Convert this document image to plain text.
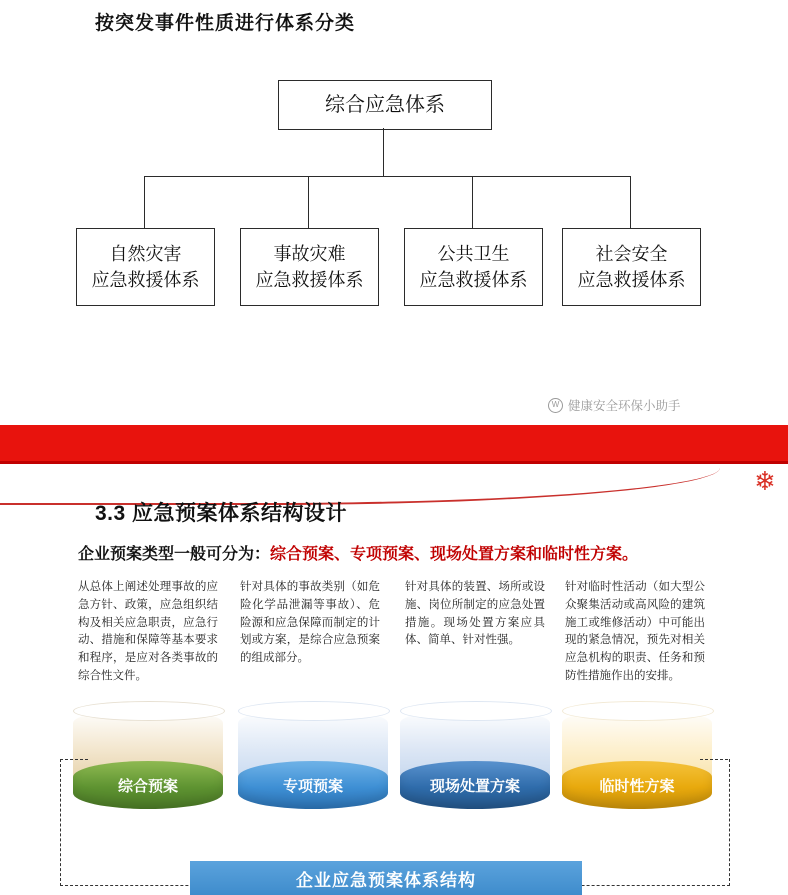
按突发事件性质进行体系分类
综合应急体系
自然灾害
应急救援体系
事故灾难
应急救援体系
公共卫生
应急救援体系
社会安全
应急救援体系
W 健康安全环保小助手
❄
3.3 应急预案体系结构设计
企业预案类型一般可分为：综合预案、专项预案、现场处置方案和临时性方案。
从总体上阐述处理事故的应急方针、政策，应急组织结构及相关应急职责，应急行动、措施和保障等基本要求和程序，是应对各类事故的综合性文件。
针对具体的事故类别（如危险化学品泄漏等事故）、危险源和应急保障而制定的计划或方案，是综合应急预案的组成部分。
针对具体的装置、场所或设施、岗位所制定的应急处置措施。现场处置方案应具体、简单、针对性强。
针对临时性活动（如大型公众聚集活动或高风险的建筑施工或维修活动）中可能出现的紧急情况，预先对相关应急机构的职责、任务和预防性措施作出的安排。
综合预案	专项预案	现场处置方案	临时性方案
企业应急预案体系结构
